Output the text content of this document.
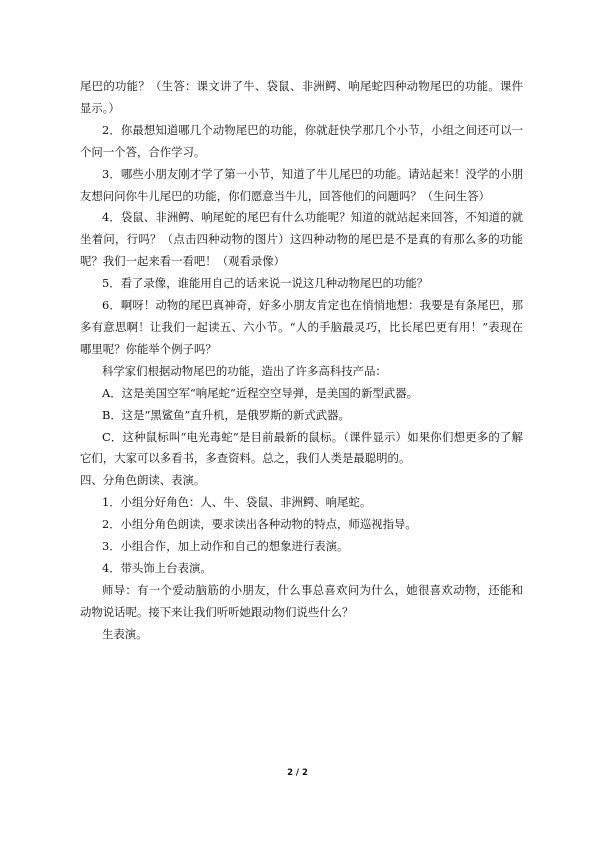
尾巴的功能？（生答：课文讲了牛、袋鼠、非洲鳄、响尾蛇四种动物尾巴的功能。课件显示。）

2．你最想知道哪几个动物尾巴的功能，你就赶快学那几个小节，小组之间还可以一个问一个答，合作学习。

3．哪些小朋友刚才学了第一小节，知道了牛儿尾巴的功能。请站起来！没学的小朋友想问问你牛儿尾巴的功能，你们愿意当牛儿，回答他们的问题吗？（生问生答）

4．袋鼠、非洲鳄、响尾蛇的尾巴有什么功能呢？知道的就站起来回答，不知道的就坐着问，行吗？（点击四种动物的图片）这四种动物的尾巴是不是真的有那么多的功能呢？我们一起来看一看吧！（观看录像）

5．看了录像，谁能用自己的话来说一说这几种动物尾巴的功能？

6．啊呀！动物的尾巴真神奇，好多小朋友肯定也在悄悄地想：我要是有条尾巴，那多有意思啊！让我们一起读五、六小节。“人的手脑最灵巧，比长尾巴更有用！”表现在哪里呢？你能举个例子吗？

科学家们根据动物尾巴的功能，造出了许多高科技产品：

A．这是美国空军“响尾蛇”近程空空导弹，是美国的新型武器。

B．这是“黑鲨鱼”直升机，是俄罗斯的新式武器。

C．这种鼠标叫“电光毒蛇”是目前最新的鼠标。（课件显示）如果你们想更多的了解它们，大家可以多看书，多查资料。总之，我们人类是最聪明的。

四、分角色朗读、表演。

1．小组分好角色：人、牛、袋鼠、非洲鳄、响尾蛇。

2．小组分角色朗读，要求读出各种动物的特点，师巡视指导。

3．小组合作，加上动作和自己的想象进行表演。

4．带头饰上台表演。

师导：有一个爱动脑筋的小朋友，什么事总喜欢问为什么，她很喜欢动物，还能和动物说话呢。接下来让我们听听她跟动物们说些什么？

生表演。

2 / 2
